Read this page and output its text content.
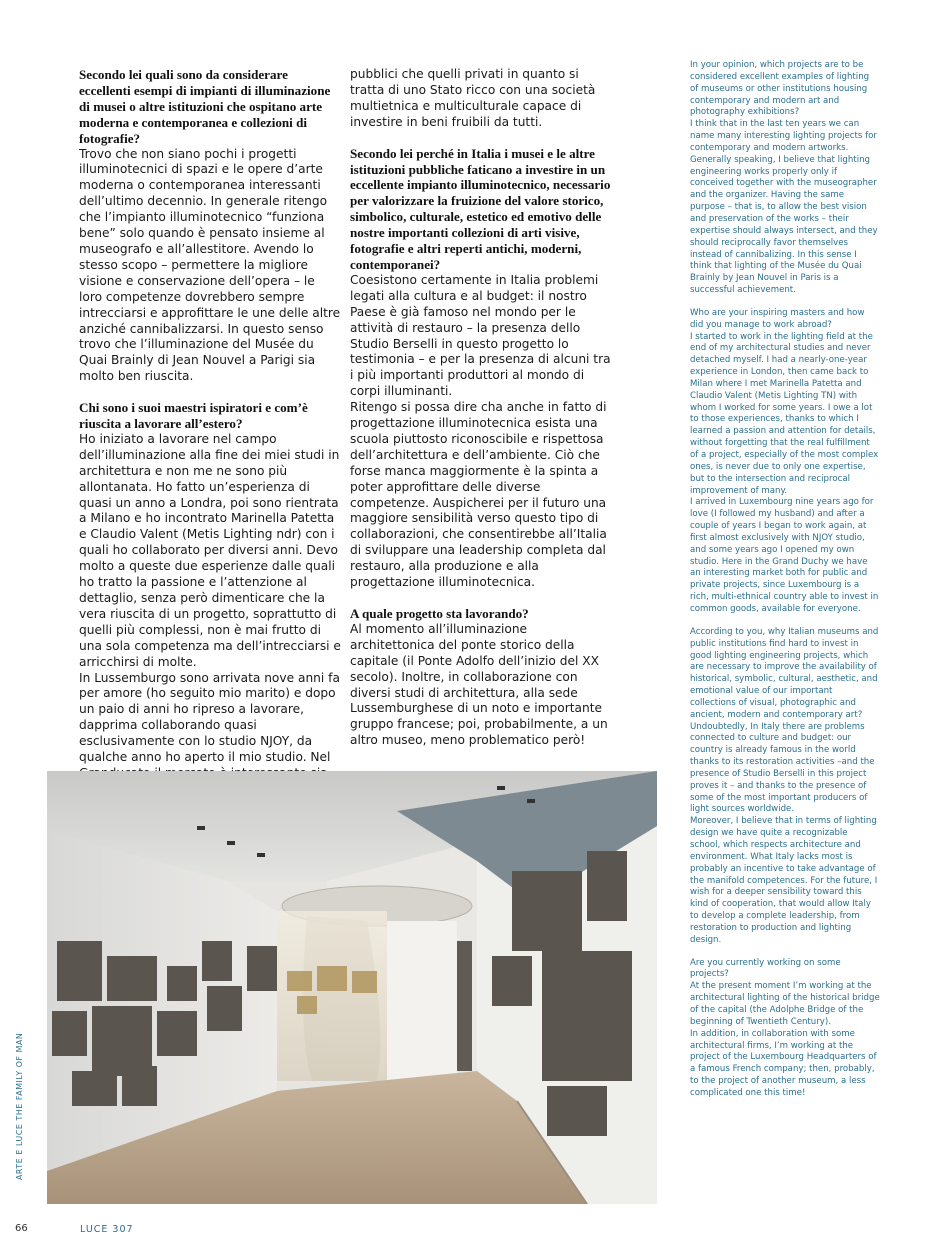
Secondo lei quali sono da considerare eccellenti esempi di impianti di illuminazione di musei o altre istituzioni che ospitano arte moderna e contemporanea e collezioni di fotografie?

Trovo che non siano pochi i progetti illuminotecnici di spazi e le opere d’arte moderna o contemporanea interessanti dell’ultimo decennio. In generale ritengo che l’impianto illuminotecnico “funziona bene” solo quando è pensato insieme al museografo e all’allestitore. Avendo lo stesso scopo – permettere la migliore visione e conservazione dell’opera – le loro competenze dovrebbero sempre intrecciarsi e approfittare le une delle altre anziché cannibalizzarsi. In questo senso trovo che l’illuminazione del Musée du Quai Brainly di Jean Nouvel a Parigi sia molto ben riuscita.

Chi sono i suoi maestri ispiratori e com’è riuscita a lavorare all’estero?

Ho iniziato a lavorare nel campo dell’illuminazione alla fine dei miei studi in architettura e non me ne sono più allontanata. Ho fatto un’esperienza di quasi un anno a Londra, poi sono rientrata a Milano e ho incontrato Marinella Patetta e Claudio Valent (Metis Lighting ndr) con i quali ho collaborato per diversi anni. Devo molto a queste due esperienze dalle quali ho tratto la passione e l’attenzione al dettaglio, senza però dimenticare che la vera riuscita di un progetto, soprattutto di quelli più complessi, non è mai frutto di una sola competenza ma dell’intrecciarsi e arricchirsi di molte.

In Lussemburgo sono arrivata nove anni fa per amore (ho seguito mio marito) e dopo un paio di anni ho ripreso a lavorare, dapprima collaborando quasi esclusivamente con lo studio NJOY, da qualche anno ho aperto il mio studio. Nel

pubblici che quelli privati in quanto si tratta di uno Stato ricco con una società multietnica e multiculturale capace di investire in beni fruibili da tutti.

Secondo lei perché in Italia i musei e le altre istituzioni pubbliche faticano a investire in un eccellente impianto illuminotecnico, necessario per valorizzare la fruizione del valore storico, simbolico, culturale, estetico ed emotivo delle nostre importanti collezioni di arti visive, fotografie e altri reperti antichi, moderni, contemporanei?

Coesistono certamente in Italia problemi legati alla cultura e al budget: il nostro Paese è già famoso nel mondo per le attività di restauro – la presenza dello Studio Berselli in questo progetto lo testimonia – e per la presenza di alcuni tra i più importanti produttori al mondo di corpi illuminanti.

Ritengo si possa dire cha anche in fatto di progettazione illuminotecnica esista una scuola piuttosto riconoscibile e rispettosa dell’architettura e dell’ambiente. Ciò che forse manca maggiormente è la spinta a poter approfittare delle diverse competenze. Auspicherei per il futuro una maggiore sensibilità verso questo tipo di collaborazioni, che consentirebbe all’Italia di sviluppare una leadership completa dal restauro, alla produzione e alla progettazione illuminotecnica.

A quale progetto sta lavorando?

Al momento all’illuminazione architettonica del ponte storico della capitale (il Ponte Adolfo dell’inizio del XX secolo). Inoltre, in collaborazione con diversi studi di architettura, alla sede Lussemburghese di un noto e importante gruppo francese; poi, probabilmente, a un altro museo, meno problematico però!

In your opinion, which projects are to be considered excellent examples of lighting of museums or other institutions housing contemporary and modern art and photography exhibitions?

I think that in the last ten years we can name many interesting lighting projects for contemporary and modern artworks. Generally speaking, I believe that lighting engineering works properly only if conceived together with the museographer and the organizer. Having the same purpose – that is, to allow the best vision and preservation of the works – their expertise should always intersect, and they should reciprocally favor themselves instead of cannibalizing. In this sense I think that lighting of the Musée du Quai Brainly by Jean Nouvel in Paris is a successful achievement.

Who are your inspiring masters and how did you manage to work abroad?

I started to work in the lighting field at the end of my architectural studies and never detached myself. I had a nearly-one-year experience in London, then came back to Milan where I met Marinella Patetta and Claudio Valent (Metis Lighting TN) with whom I worked for some years. I owe a lot to those experiences, thanks to which I learned a passion and attention for details, without forgetting that the real fulfillment of a project, especially of the most complex ones, is never due to only one expertise, but to the intersection and reciprocal improvement of many.

I arrived in Luxembourg nine years ago for love (I followed my husband) and after a couple of years I began to work again, at first almost exclusively with NJOY studio, and some years ago I opened my own studio. Here in the Grand Duchy we have an interesting market both for public and private projects, since Luxembourg is a rich, multi-ethnical country able to invest in common goods, available for everyone.

According to you, why Italian museums and public institutions find hard to invest in good lighting engineering projects, which are necessary to improve the availability of historical, symbolic, cultural, aesthetic, and emotional value of our important collections of visual, photographic and ancient, modern and contemporary art?

Undoubtedly, In Italy there are problems connected to culture and budget: our country is already famous in the world thanks to its restoration activities –and the presence of Studio Berselli in this project proves it – and thanks to the presence of some of the most important producers of light sources worldwide.

Moreover, I believe that in terms of lighting design we have quite a recognizable school, which respects architecture and environment. What Italy lacks most is probably an incentive to take advantage of the manifold competences. For the future, I wish for a deeper sensibility toward this kind of cooperation, that would allow Italy to develop a complete leadership, from restoration to production and lighting design.

Are you currently working on some projects?

At the present moment I’m working at the architectural lighting of the historical bridge of the capital (the Adolphe Bridge of the beginning of Twentieth Century).

In addition, in collaboration with some architectural firms, I’m working at the project of the Luxembourg Headquarters of a famous French company; then, probably, to the project of another museum, a less complicated one this time!

ARTE E LUCE THE FAMILY OF MAN
66	LUCE 307
